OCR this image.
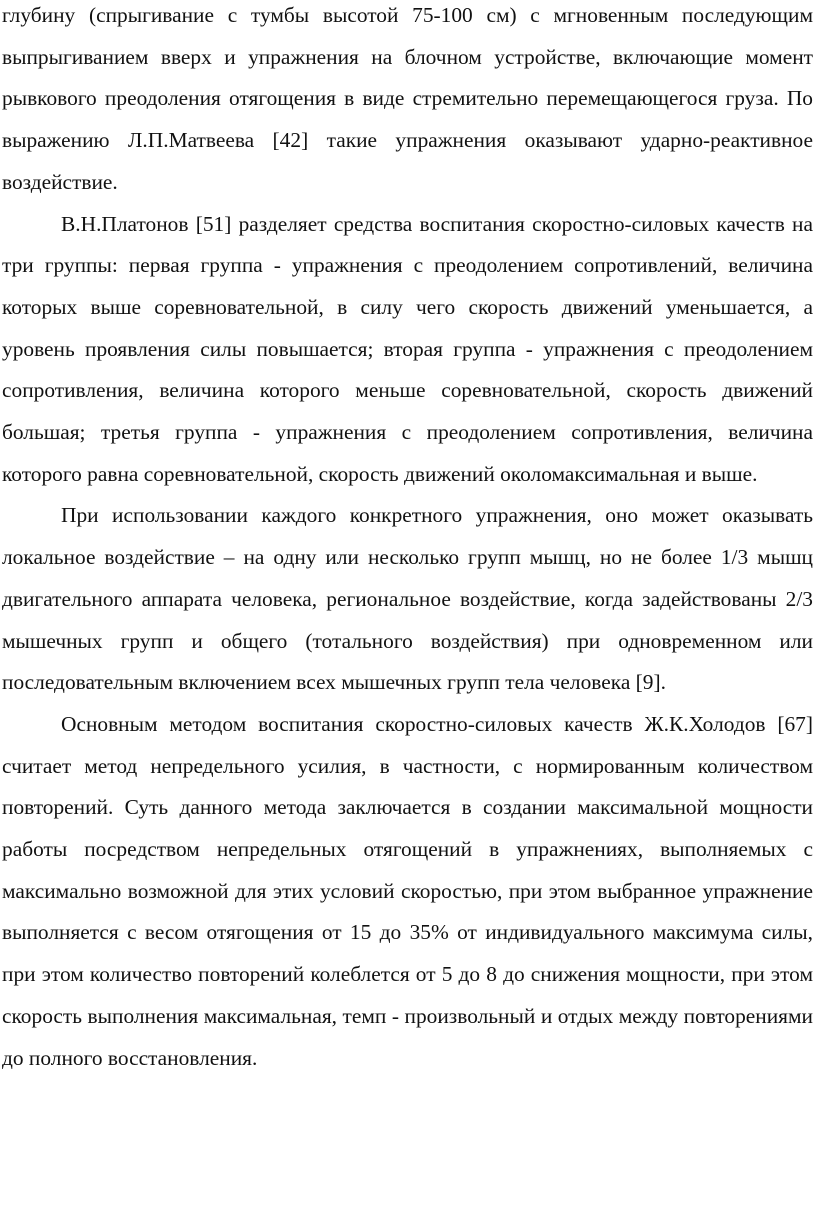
глубину (спрыгивание с тумбы высотой 75-100 см) с мгновенным последующим выпрыгиванием вверх и упражнения на блочном устройстве, включающие момент рывкового преодоления отягощения в виде стремительно перемещающегося груза. По выражению Л.П.Матвеева [42] такие упражнения оказывают ударно-реактивное воздействие.

В.Н.Платонов [51] разделяет средства воспитания скоростно-силовых качеств на три группы: первая группа - упражнения с преодолением сопротивлений, величина которых выше соревновательной, в силу чего скорость движений уменьшается, а уровень проявления силы повышается; вторая группа - упражнения с преодолением сопротивления, величина которого меньше соревновательной, скорость движений большая; третья группа - упражнения с преодолением сопротивления, величина которого равна соревновательной, скорость движений околомаксимальная и выше.

При использовании каждого конкретного упражнения, оно может оказывать локальное воздействие – на одну или несколько групп мышц, но не более 1/3 мышц двигательного аппарата человека, региональное воздействие, когда задействованы 2/3 мышечных групп и общего (тотального воздействия) при одновременном или последовательным включением всех мышечных групп тела человека [9].

Основным методом воспитания скоростно-силовых качеств Ж.К.Холодов [67] считает метод непредельного усилия, в частности, с нормированным количеством повторений. Суть данного метода заключается в создании максимальной мощности работы посредством непредельных отягощений в упражнениях, выполняемых с максимально возможной для этих условий скоростью, при этом выбранное упражнение выполняется с весом отягощения от 15 до 35% от индивидуального максимума силы, при этом количество повторений колеблется от 5 до 8 до снижения мощности, при этом скорость выполнения максимальная, темп - произвольный и отдых между повторениями до полного восстановления.
